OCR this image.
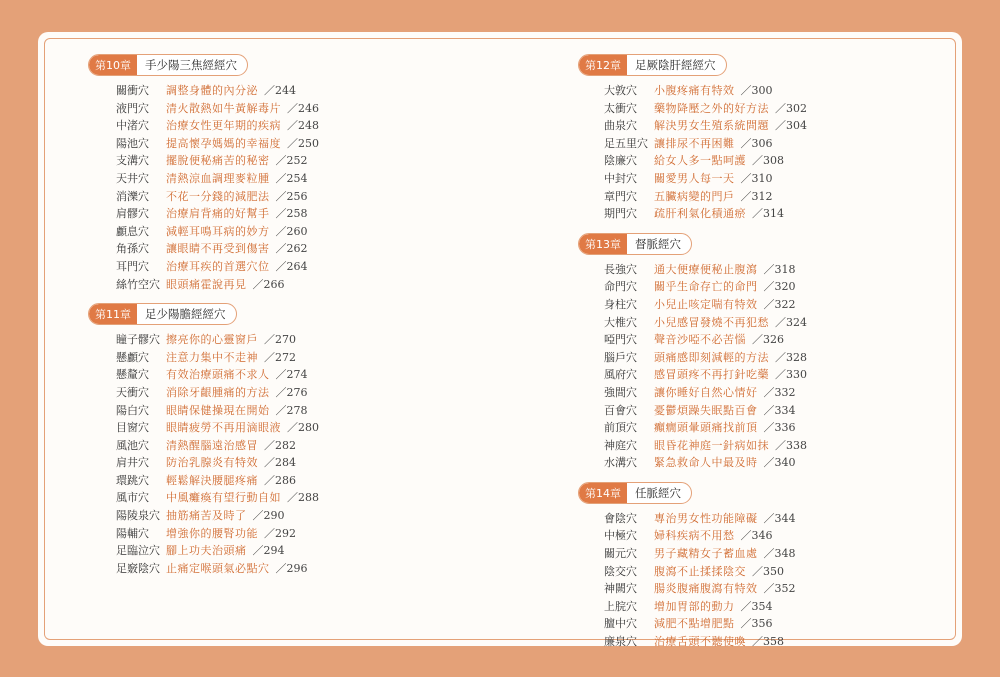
第10章	手少陽三焦經經穴
關衝穴	調整身體的內分泌 ／244
液門穴	清火散熱如牛黃解毒片 ／246
中渚穴	治療女性更年期的疾病 ／248
陽池穴	提高懷孕媽媽的幸福度 ／250
支溝穴	擺脫便秘痛苦的秘密 ／252
天井穴	清熱涼血調理麥粒腫 ／254
消濼穴	不花一分錢的減肥法 ／256
肩髎穴	治療肩背痛的好幫手 ／258
顱息穴	減輕耳鳴耳病的妙方 ／260
角孫穴	讓眼睛不再受到傷害 ／262
耳門穴	治療耳疾的首選穴位 ／264
絲竹空穴 眼頭痛霍說再見 ／266
第11章	足少陽膽經經穴
瞳子髎穴 擦亮你的心靈窗戶 ／270
懸顱穴	注意力集中不走神 ／272
懸釐穴	有效治療頭痛不求人 ／274
天衝穴	消除牙齦腫痛的方法 ／276
陽白穴	眼睛保健操現在開始 ／278
目窗穴	眼睛疲勞不再用滴眼液 ／280
風池穴	清熱醒腦遠治感冒 ／282
肩井穴	防治乳腺炎有特效 ／284
環跳穴	輕鬆解決腰腿疼痛 ／286
風市穴	中風癱瘓有望行動自如 ／288
陽陵泉穴 抽筋痛苦及時了 ／290
陽輔穴	增強你的腰腎功能 ／292
足臨泣穴 腳上功夫治頭痛 ／294
足竅陰穴 止痛定喉頭氣必點穴 ／296
第12章	足厥陰肝經經穴
大敦穴	小腹疼痛有特效 ／300
太衝穴	藥物降壓之外的好方法 ／302
曲泉穴	解決男女生殖系統問題 ／304
足五里穴 讓排尿不再困難 ／306
陰廉穴	給女人多一點呵護 ／308
中封穴	關愛男人每一天 ／310
章門穴	五臟病變的門戶 ／312
期門穴	疏肝利氣化積通瘀 ／314
第13章	督脈經穴
長強穴	通大便療便秘止腹瀉 ／318
命門穴	關乎生命存亡的命門 ／320
身柱穴	小兒止咳定喘有特效 ／322
大椎穴	小兒感冒發燒不再犯愁 ／324
啞門穴	聲音沙啞不必苦惱 ／326
腦戶穴	頭痛感即刻減輕的方法 ／328
風府穴	感冒頭疼不再打針吃藥 ／330
強間穴	讓你睡好自然心情好 ／332
百會穴	憂鬱煩躁失眠點百會 ／334
前頂穴	癲癇頭暈頭痛找前頂 ／336
神庭穴	眼昏花神庭一針病如抹 ／338
水溝穴	緊急救命人中最及時 ／340
第14章	任脈經穴
會陰穴	專治男女性功能障礙 ／344
中極穴	婦科疾病不用愁 ／346
關元穴	男子藏精女子蓄血處 ／348
陰交穴	腹瀉不止揉揉陰交 ／350
神闕穴	腸炎腹痛腹瀉有特效 ／352
上脘穴	增加胃部的動力 ／354
膻中穴	減肥不點增肥點 ／356
廉泉穴	治療舌頭不聽使喚 ／358
